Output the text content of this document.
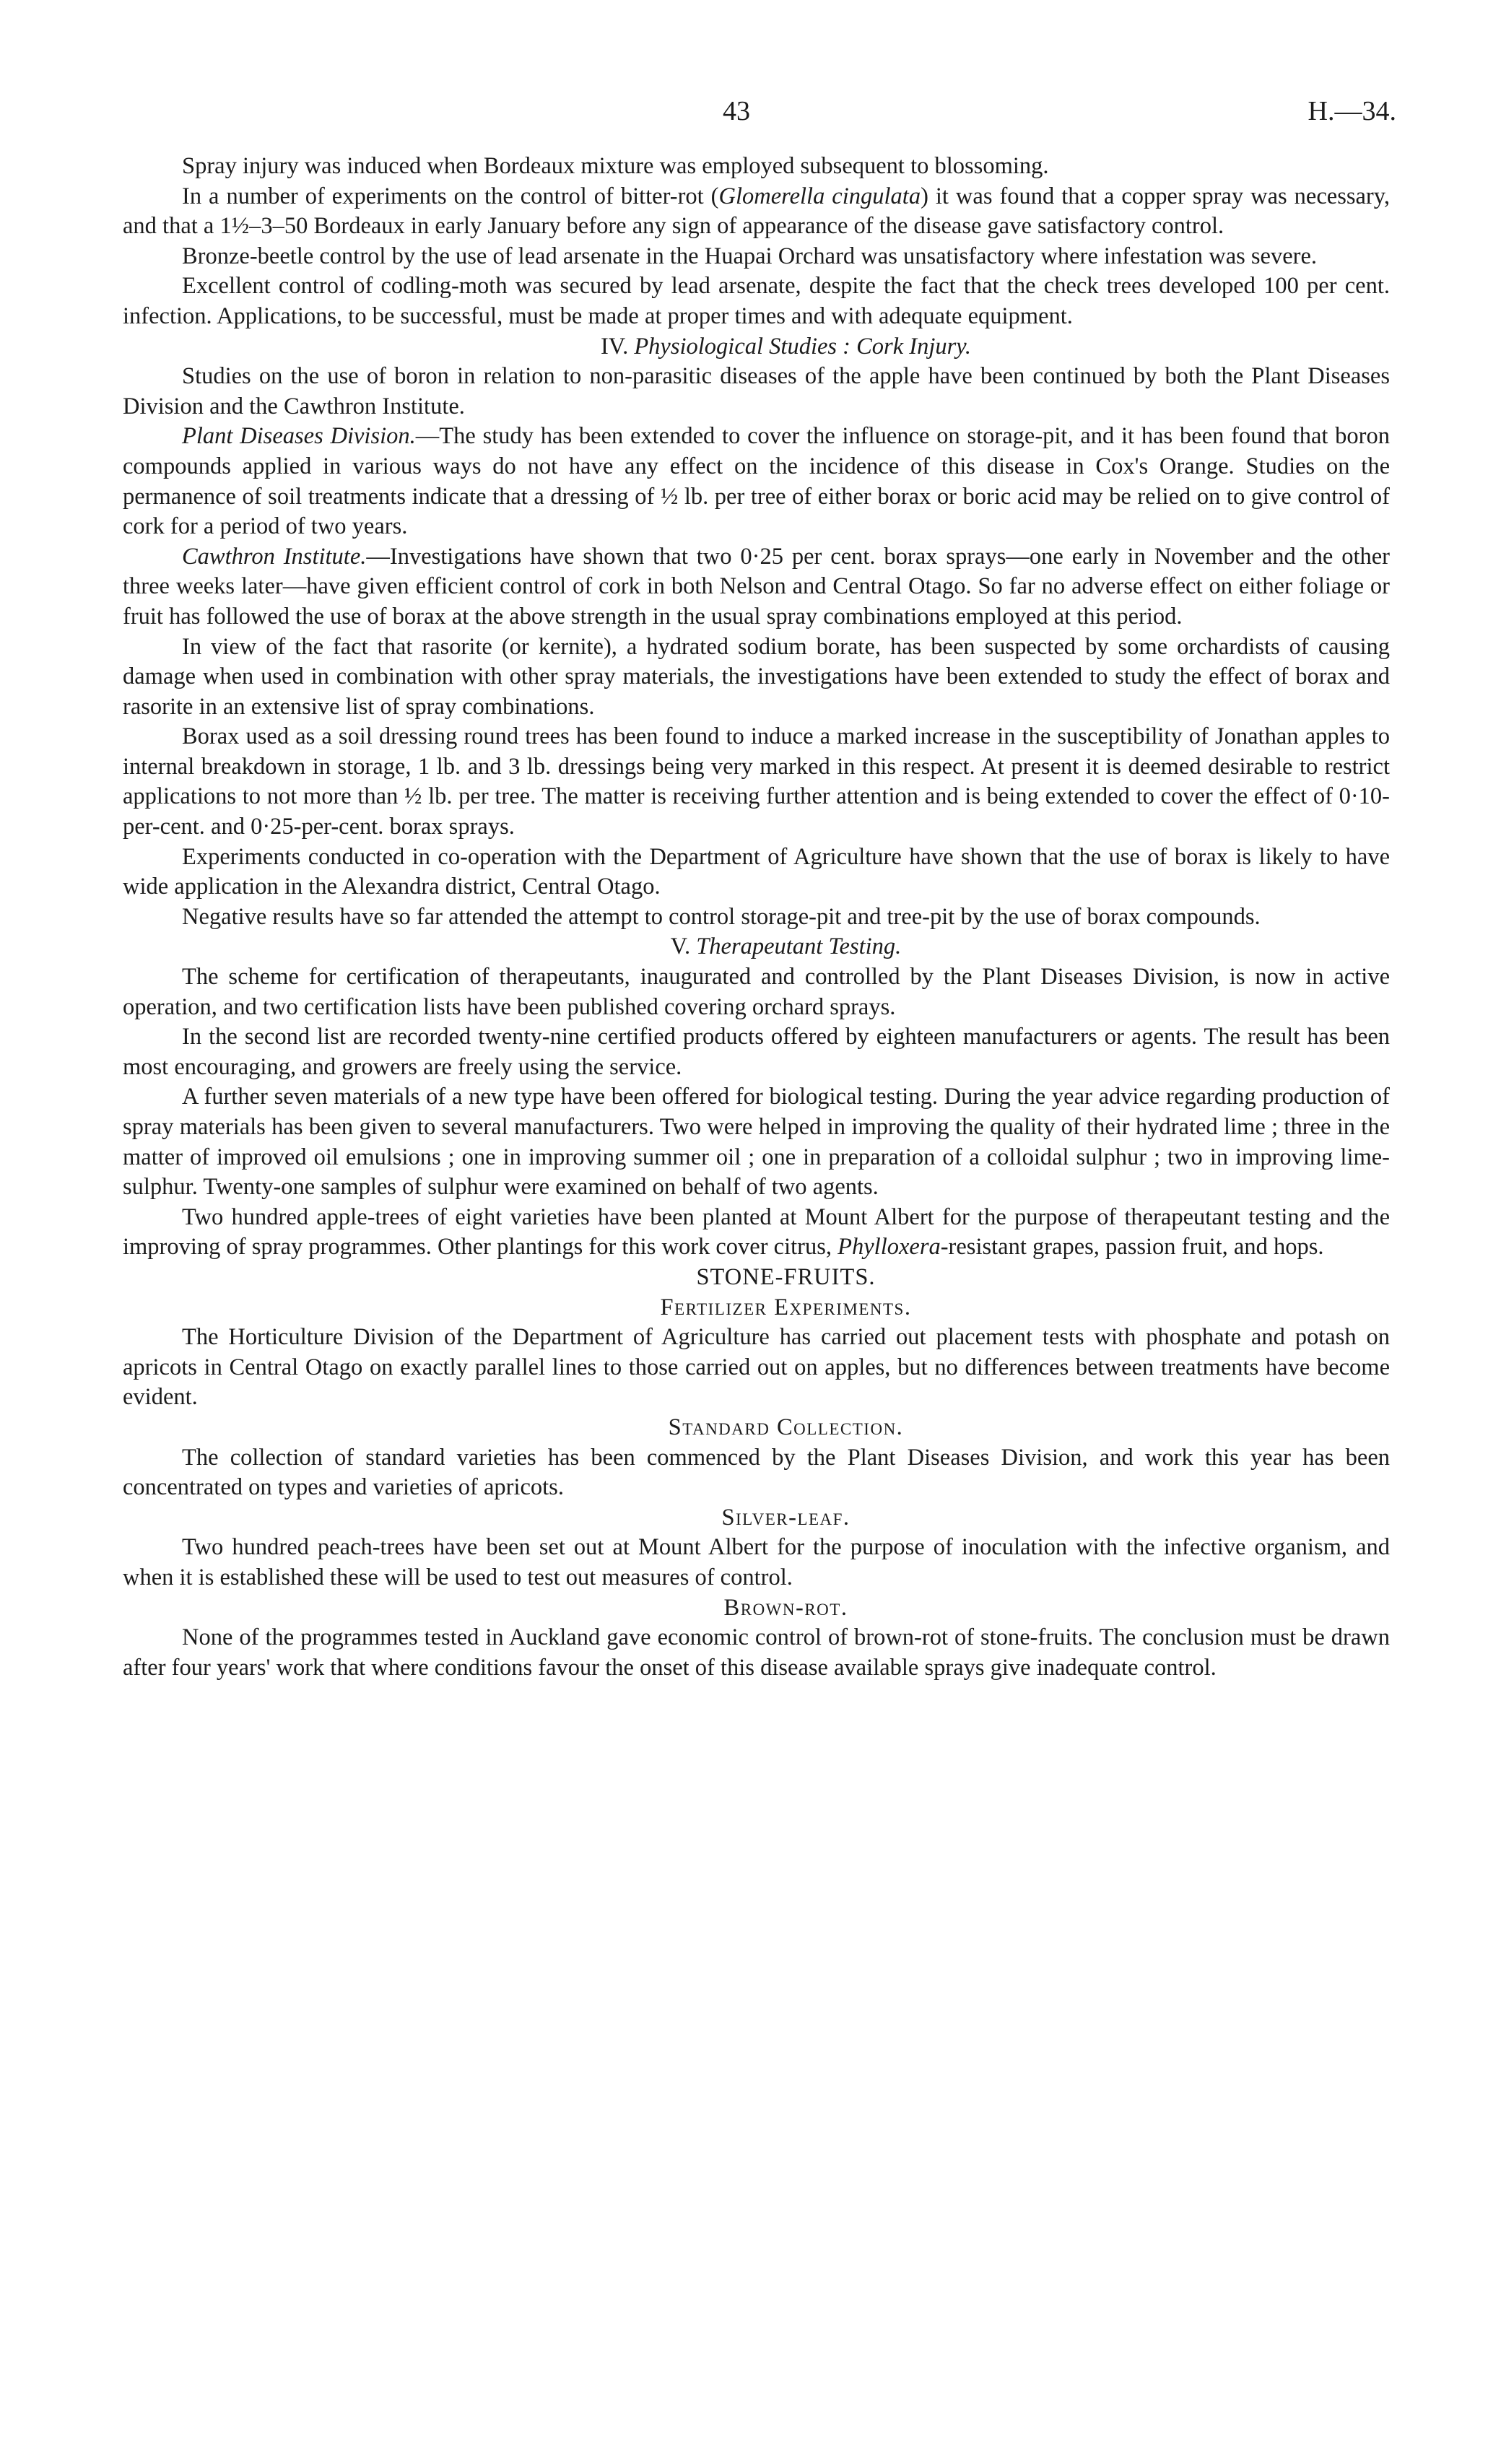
43	H.—34.

Spray injury was induced when Bordeaux mixture was employed subsequent to blossoming.

In a number of experiments on the control of bitter-rot (Glomerella cingulata) it was found that a copper spray was necessary, and that a 1½–3–50 Bordeaux in early January before any sign of appearance of the disease gave satisfactory control.

Bronze-beetle control by the use of lead arsenate in the Huapai Orchard was unsatisfactory where infestation was severe.

Excellent control of codling-moth was secured by lead arsenate, despite the fact that the check trees developed 100 per cent. infection. Applications, to be successful, must be made at proper times and with adequate equipment.

IV. Physiological Studies : Cork Injury.

Studies on the use of boron in relation to non-parasitic diseases of the apple have been continued by both the Plant Diseases Division and the Cawthron Institute.

Plant Diseases Division.—The study has been extended to cover the influence on storage-pit, and it has been found that boron compounds applied in various ways do not have any effect on the incidence of this disease in Cox's Orange. Studies on the permanence of soil treatments indicate that a dressing of ½ lb. per tree of either borax or boric acid may be relied on to give control of cork for a period of two years.

Cawthron Institute.—Investigations have shown that two 0·25 per cent. borax sprays—one early in November and the other three weeks later—have given efficient control of cork in both Nelson and Central Otago. So far no adverse effect on either foliage or fruit has followed the use of borax at the above strength in the usual spray combinations employed at this period.

In view of the fact that rasorite (or kernite), a hydrated sodium borate, has been suspected by some orchardists of causing damage when used in combination with other spray materials, the investigations have been extended to study the effect of borax and rasorite in an extensive list of spray combinations.

Borax used as a soil dressing round trees has been found to induce a marked increase in the susceptibility of Jonathan apples to internal breakdown in storage, 1 lb. and 3 lb. dressings being very marked in this respect. At present it is deemed desirable to restrict applications to not more than ½ lb. per tree. The matter is receiving further attention and is being extended to cover the effect of 0·10-per-cent. and 0·25-per-cent. borax sprays.

Experiments conducted in co-operation with the Department of Agriculture have shown that the use of borax is likely to have wide application in the Alexandra district, Central Otago.

Negative results have so far attended the attempt to control storage-pit and tree-pit by the use of borax compounds.

V. Therapeutant Testing.

The scheme for certification of therapeutants, inaugurated and controlled by the Plant Diseases Division, is now in active operation, and two certification lists have been published covering orchard sprays.

In the second list are recorded twenty-nine certified products offered by eighteen manufacturers or agents. The result has been most encouraging, and growers are freely using the service.

A further seven materials of a new type have been offered for biological testing. During the year advice regarding production of spray materials has been given to several manufacturers. Two were helped in improving the quality of their hydrated lime ; three in the matter of improved oil emulsions ; one in improving summer oil ; one in preparation of a colloidal sulphur ; two in improving lime-sulphur. Twenty-one samples of sulphur were examined on behalf of two agents.

Two hundred apple-trees of eight varieties have been planted at Mount Albert for the purpose of therapeutant testing and the improving of spray programmes. Other plantings for this work cover citrus, Phylloxera-resistant grapes, passion fruit, and hops.

STONE-FRUITS.

Fertilizer Experiments.

The Horticulture Division of the Department of Agriculture has carried out placement tests with phosphate and potash on apricots in Central Otago on exactly parallel lines to those carried out on apples, but no differences between treatments have become evident.

Standard Collection.

The collection of standard varieties has been commenced by the Plant Diseases Division, and work this year has been concentrated on types and varieties of apricots.

Silver-leaf.

Two hundred peach-trees have been set out at Mount Albert for the purpose of inoculation with the infective organism, and when it is established these will be used to test out measures of control.

Brown-rot.

None of the programmes tested in Auckland gave economic control of brown-rot of stone-fruits. The conclusion must be drawn after four years' work that where conditions favour the onset of this disease available sprays give inadequate control.
